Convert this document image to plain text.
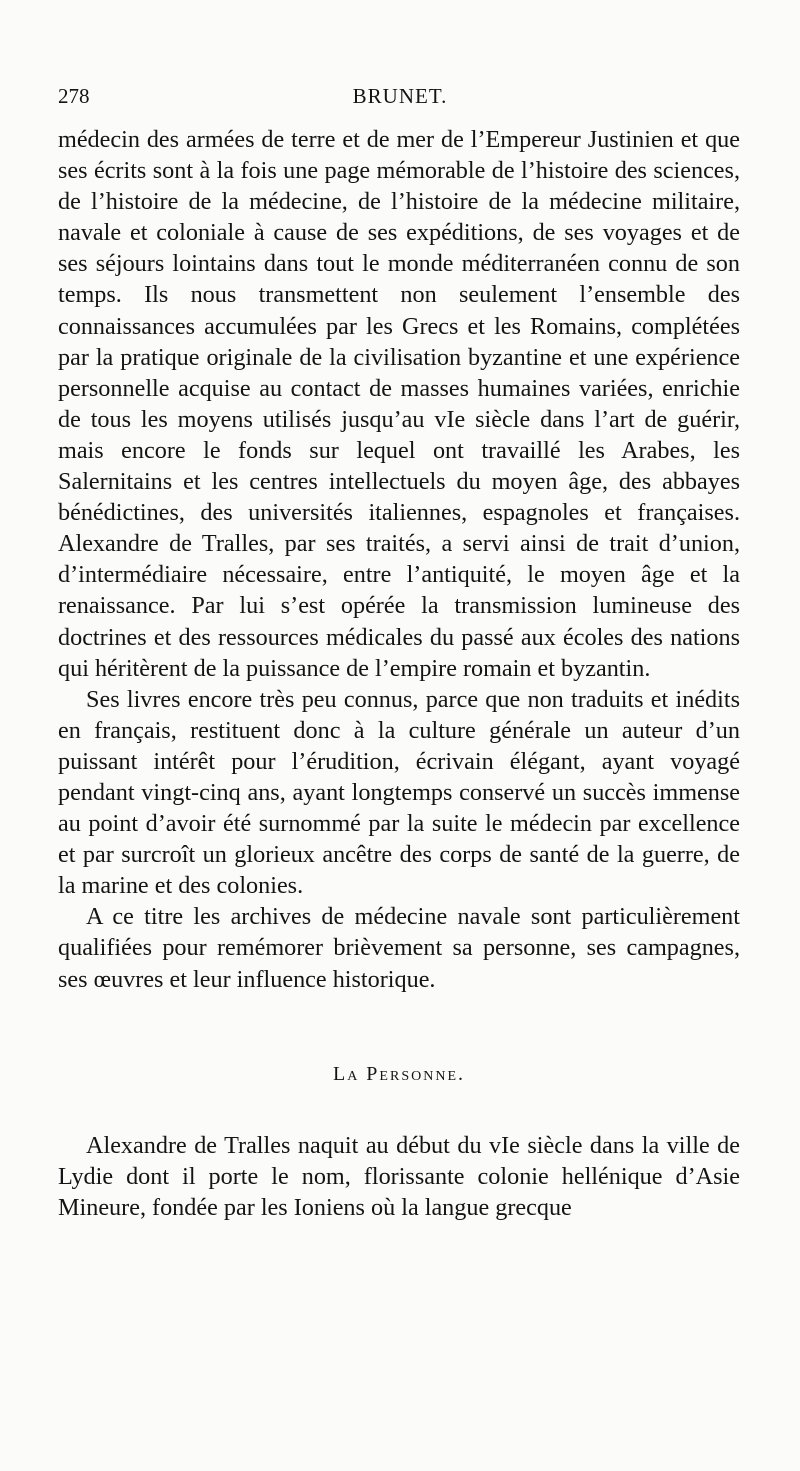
278	BRUNET.

médecin des armées de terre et de mer de l’Empereur Justinien et que ses écrits sont à la fois une page mémorable de l’histoire des sciences, de l’histoire de la médecine, de l’histoire de la médecine militaire, navale et coloniale à cause de ses expéditions, de ses voyages et de ses séjours lointains dans tout le monde méditerranéen connu de son temps. Ils nous transmettent non seulement l’ensemble des connaissances accumulées par les Grecs et les Romains, complétées par la pratique originale de la civilisation byzantine et une expérience personnelle acquise au contact de masses humaines variées, enrichie de tous les moyens utilisés jusqu’au vIe siècle dans l’art de guérir, mais encore le fonds sur lequel ont travaillé les Arabes, les Salernitains et les centres intellectuels du moyen âge, des abbayes bénédictines, des universités italiennes, espagnoles et françaises. Alexandre de Tralles, par ses traités, a servi ainsi de trait d’union, d’intermédiaire nécessaire, entre l’antiquité, le moyen âge et la renaissance. Par lui s’est opérée la transmission lumineuse des doctrines et des ressources médicales du passé aux écoles des nations qui héritèrent de la puissance de l’empire romain et byzantin.

Ses livres encore très peu connus, parce que non traduits et inédits en français, restituent donc à la culture générale un auteur d’un puissant intérêt pour l’érudition, écrivain élégant, ayant voyagé pendant vingt-cinq ans, ayant longtemps conservé un succès immense au point d’avoir été surnommé par la suite le médecin par excellence et par surcroît un glorieux ancêtre des corps de santé de la guerre, de la marine et des colonies.

A ce titre les archives de médecine navale sont particulièrement qualifiées pour remémorer brièvement sa personne, ses campagnes, ses œuvres et leur influence historique.

La Personne.

Alexandre de Tralles naquit au début du vIe siècle dans la ville de Lydie dont il porte le nom, florissante colonie hellénique d’Asie Mineure, fondée par les Ioniens où la langue grecque
